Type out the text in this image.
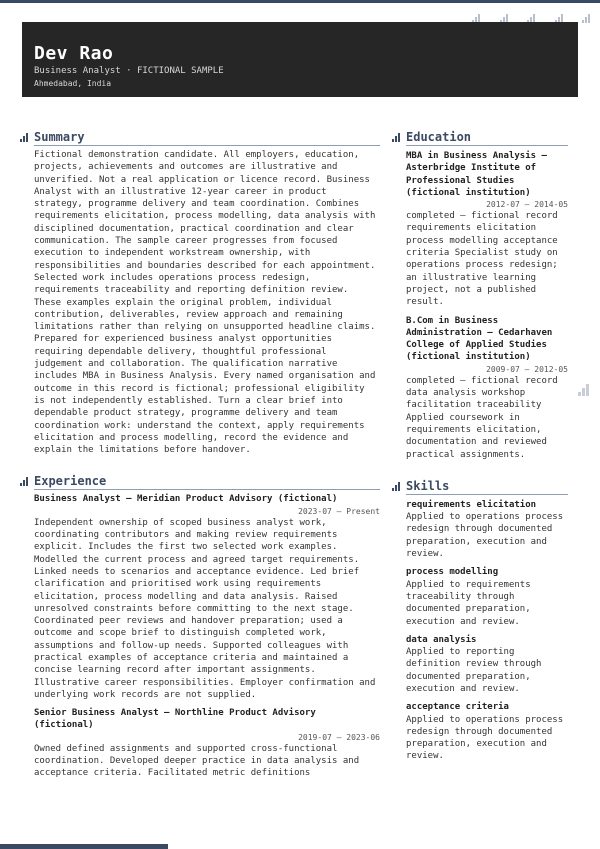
Dev Rao
Business Analyst · FICTIONAL SAMPLE
Ahmedabad, India
Summary
Fictional demonstration candidate. All employers, education, projects, achievements and outcomes are illustrative and unverified. Not a real application or licence record. Business Analyst with an illustrative 12-year career in product strategy, programme delivery and team coordination. Combines requirements elicitation, process modelling, data analysis with disciplined documentation, practical coordination and clear communication. The sample career progresses from focused execution to independent workstream ownership, with responsibilities and boundaries described for each appointment. Selected work includes operations process redesign, requirements traceability and reporting definition review. These examples explain the original problem, individual contribution, deliverables, review approach and remaining limitations rather than relying on unsupported headline claims. Prepared for experienced business analyst opportunities requiring dependable delivery, thoughtful professional judgement and collaboration. The qualification narrative includes MBA in Business Analysis. Every named organisation and outcome in this record is fictional; professional eligibility is not independently established. Turn a clear brief into dependable product strategy, programme delivery and team coordination work: understand the context, apply requirements elicitation and process modelling, record the evidence and explain the limitations before handover.
Experience
Business Analyst — Meridian Product Advisory (fictional)
2023-07 – Present
Independent ownership of scoped business analyst work, coordinating contributors and making review requirements explicit. Includes the first two selected work examples. Modelled the current process and agreed target requirements. Linked needs to scenarios and acceptance evidence. Led brief clarification and prioritised work using requirements elicitation, process modelling and data analysis. Raised unresolved constraints before committing to the next stage. Coordinated peer reviews and handover preparation; used a outcome and scope brief to distinguish completed work, assumptions and follow-up needs. Supported colleagues with practical examples of acceptance criteria and maintained a concise learning record after important assignments. Illustrative career responsibilities. Employer confirmation and underlying work records are not supplied.
Senior Business Analyst — Northline Product Advisory (fictional)
2019-07 – 2023-06
Owned defined assignments and supported cross-functional coordination. Developed deeper practice in data analysis and acceptance criteria. Facilitated metric definitions
Education
MBA in Business Analysis — Asterbridge Institute of Professional Studies (fictional institution)
2012-07 – 2014-05
completed — fictional record requirements elicitation process modelling acceptance criteria Specialist study on operations process redesign; an illustrative learning project, not a published result.
B.Com in Business Administration — Cedarhaven College of Applied Studies (fictional institution)
2009-07 – 2012-05
completed — fictional record data analysis workshop facilitation traceability Applied coursework in requirements elicitation, documentation and reviewed practical assignments.
Skills
requirements elicitation
Applied to operations process redesign through documented preparation, execution and review.
process modelling
Applied to requirements traceability through documented preparation, execution and review.
data analysis
Applied to reporting definition review through documented preparation, execution and review.
acceptance criteria
Applied to operations process redesign through documented preparation, execution and review.
